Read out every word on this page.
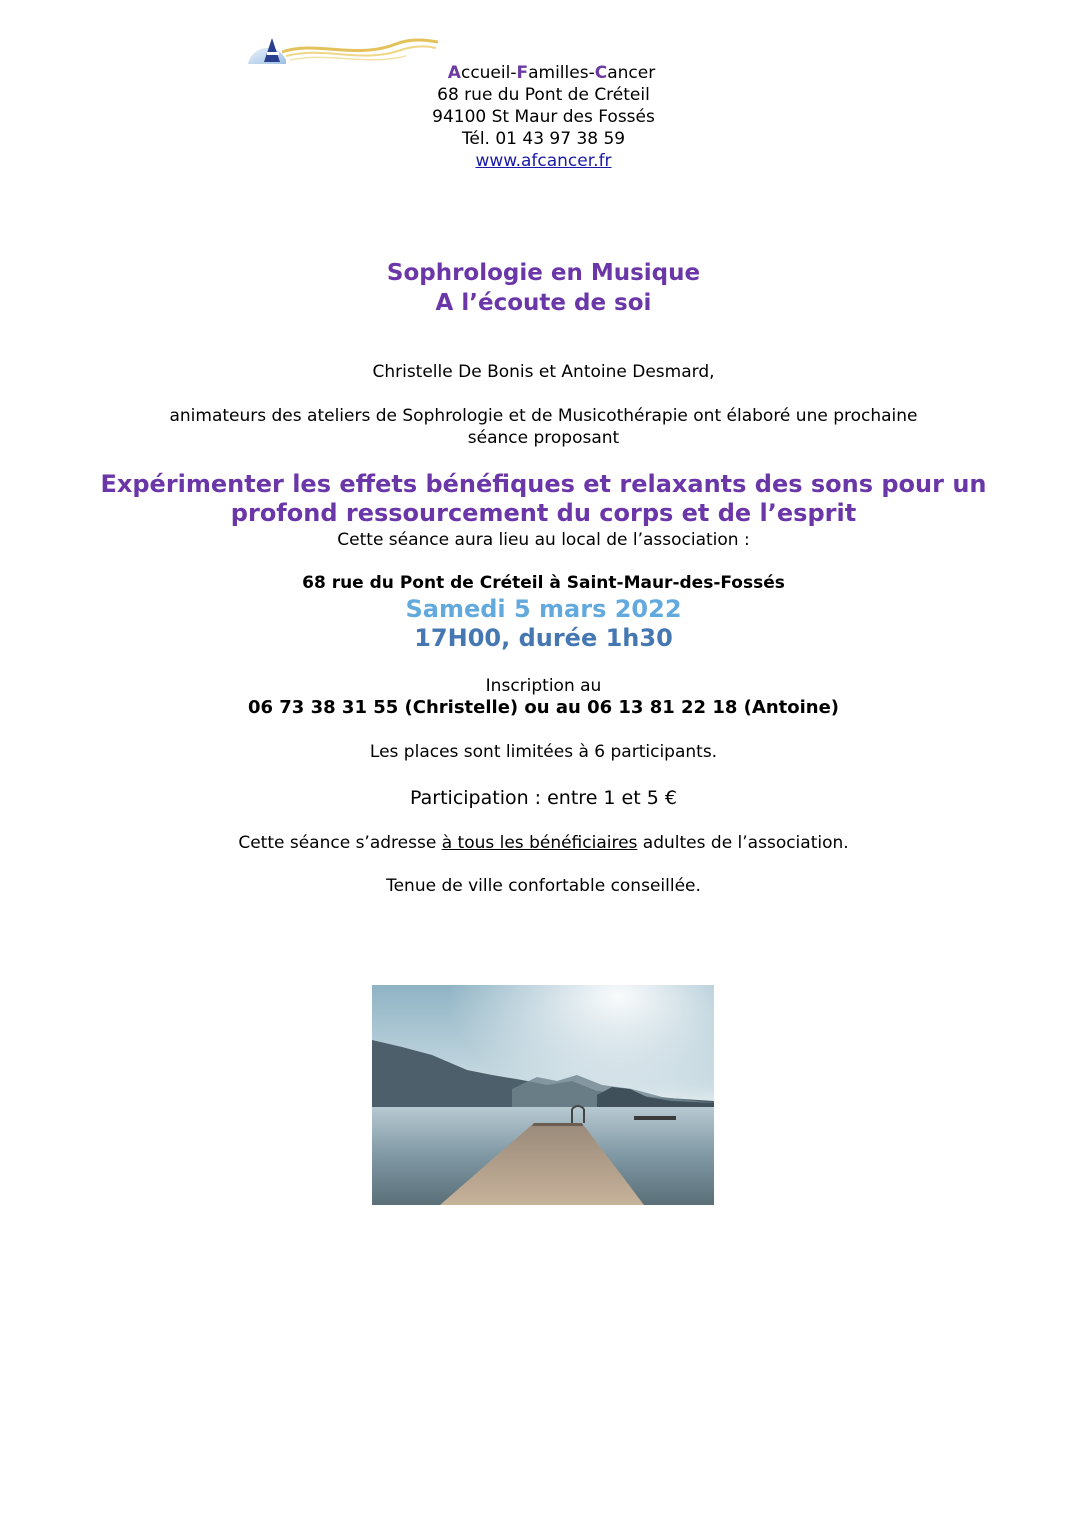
Accueil-Familles-Cancer
68 rue du Pont de Créteil
94100 St Maur des Fossés
Tél. 01 43 97 38 59
www.afcancer.fr
Sophrologie en Musique
A l’écoute de soi
Christelle De Bonis et Antoine Desmard,
animateurs des ateliers de Sophrologie et de Musicothérapie ont élaboré une prochaine
séance proposant
Expérimenter les effets bénéfiques et relaxants des sons pour un
profond ressourcement du corps et de l’esprit
Cette séance aura lieu au local de l’association :
68 rue du Pont de Créteil à Saint-Maur-des-Fossés
Samedi 5 mars 2022
17H00, durée 1h30
Inscription au
06 73 38 31 55 (Christelle) ou au 06 13 81 22 18 (Antoine)
Les places sont limitées à 6 participants.
Participation : entre 1 et 5 €
Cette séance s’adresse à tous les bénéficiaires adultes de l’association.
Tenue de ville confortable conseillée.
